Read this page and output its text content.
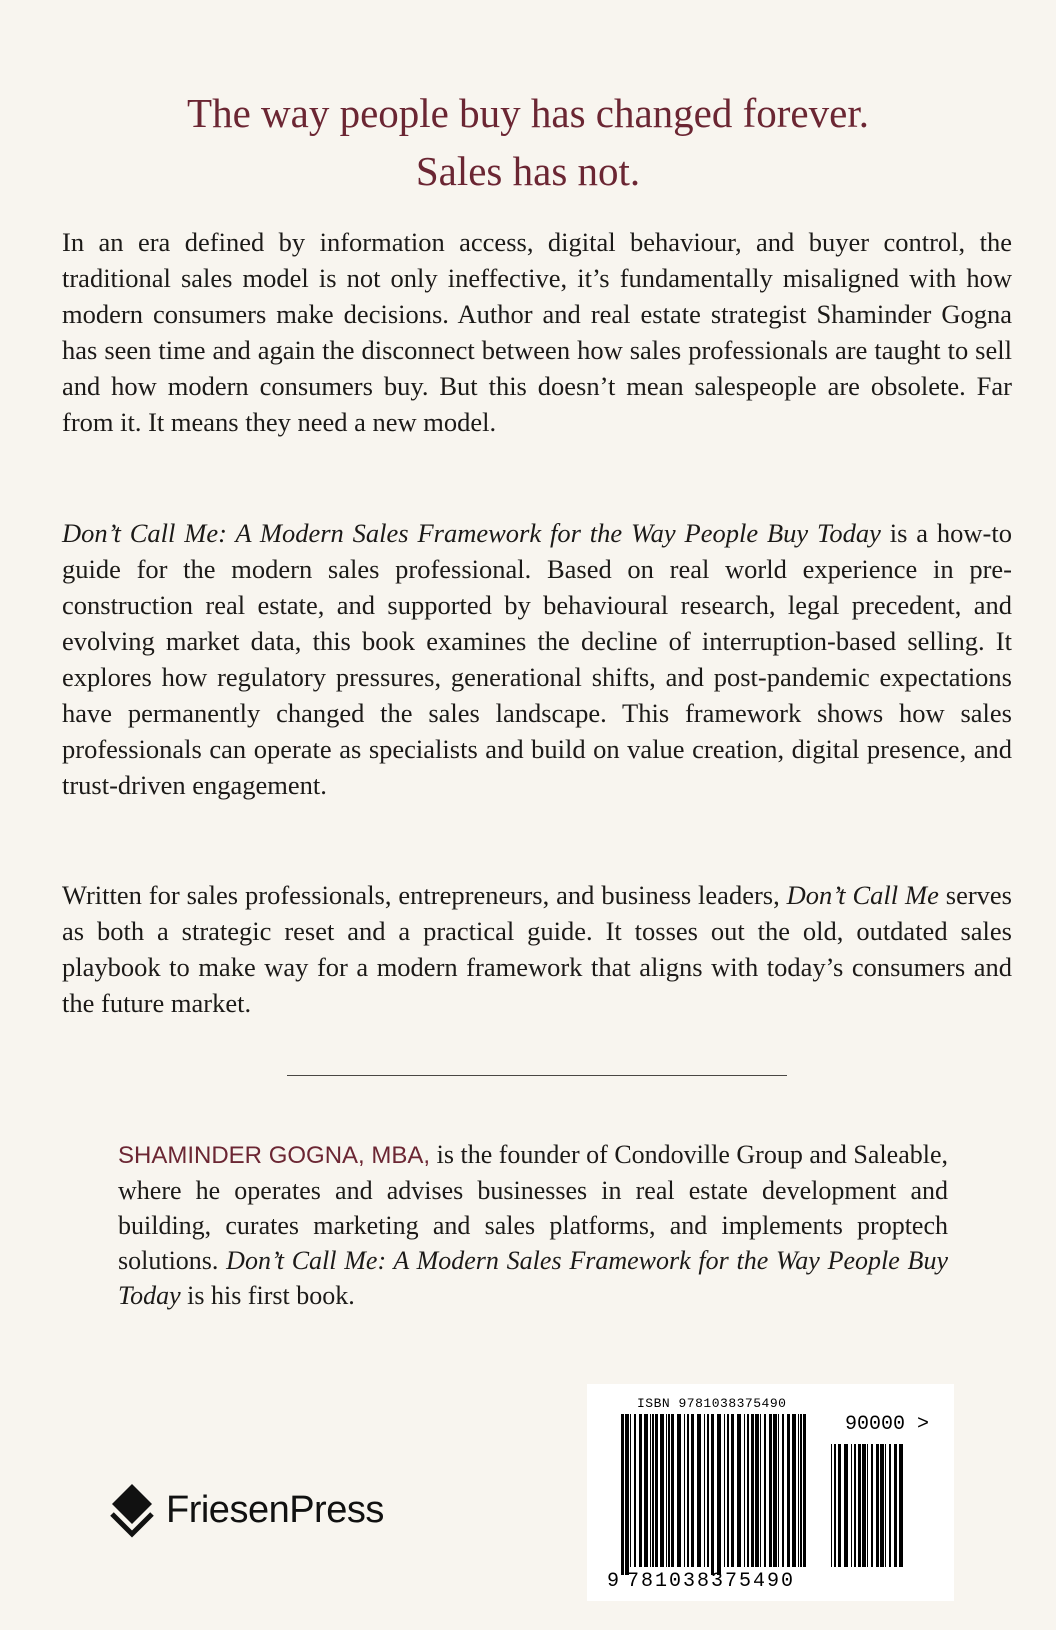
The way people buy has changed forever.
Sales has not.

In an era defined by information access, digital behaviour, and buyer control, the traditional sales model is not only ineffective, it’s fundamentally misaligned with how modern consumers make decisions. Author and real estate strategist Shaminder Gogna has seen time and again the disconnect between how sales professionals are taught to sell and how modern consumers buy. But this doesn’t mean salespeople are obsolete. Far from it. It means they need a new model.

Don’t Call Me: A Modern Sales Framework for the Way People Buy Today is a how-to guide for the modern sales professional. Based on real world experience in pre-construction real estate, and supported by behavioural research, legal precedent, and evolving market data, this book examines the decline of interruption-based selling. It explores how regulatory pressures, generational shifts, and post-pandemic expectations have permanently changed the sales landscape. This framework shows how sales professionals can operate as specialists and build on value creation, digital presence, and trust-driven engagement.

Written for sales professionals, entrepreneurs, and business leaders, Don’t Call Me serves as both a strategic reset and a practical guide. It tosses out the old, outdated sales playbook to make way for a modern framework that aligns with today’s consumers and the future market.

SHAMINDER GOGNA, MBA, is the founder of Condoville Group and Saleable, where he operates and advises businesses in real estate development and building, curates marketing and sales platforms, and implements proptech solutions. Don’t Call Me: A Modern Sales Framework for the Way People Buy Today is his first book.

FriesenPress
ISBN 9781038375490
90000 >
9 781038 375490
